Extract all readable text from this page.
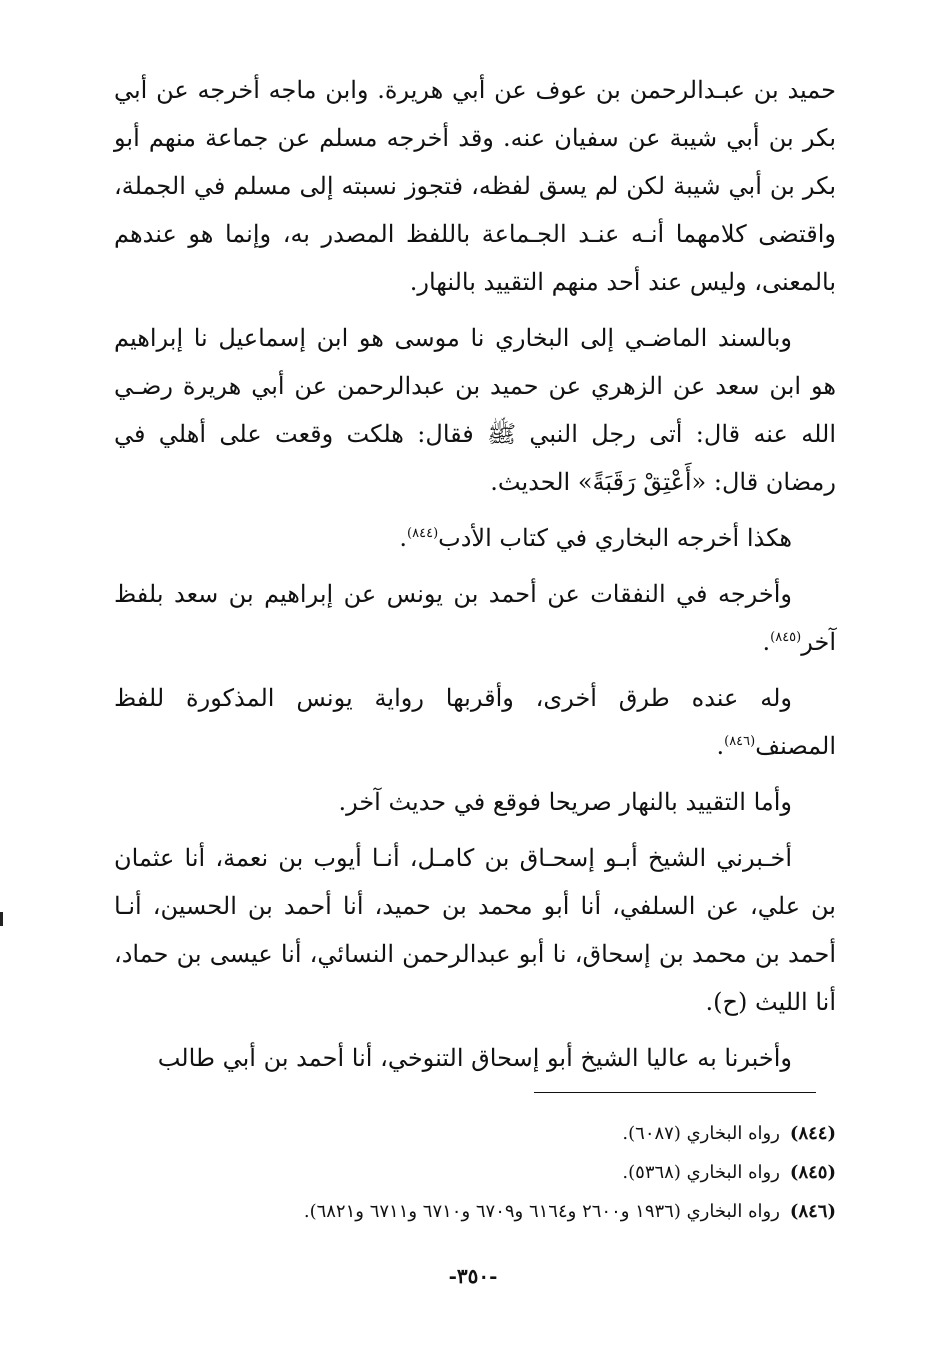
حميد بن عبـدالرحمن بن عوف عن أبي هريرة. وابن ماجه أخرجه عن أبي بكر بن أبي شيبة عن سفيان عنه. وقد أخرجه مسلم عن جماعة منهم أبو بكر بن أبي شيبة لكن لم يسق لفظه، فتجوز نسبته إلى مسلم في الجملة، واقتضى كلامهما أنـه عنـد الجـماعة باللفظ المصدر به، وإنما هو عندهم بالمعنى، وليس عند أحد منهم التقييد بالنهار.

وبالسند الماضـي إلى البخاري نا موسى هو ابن إسماعيل نا إبراهيم هو ابن سعد عن الزهري عن حميد بن عبدالرحمن عن أبي هريرة رضـي الله عنه قال: أتى رجل النبي ﷺ فقال: هلكت وقعت على أهلي في رمضان قال: «أَعْتِقْ رَقَبَةً» الحديث.

هكذا أخرجه البخاري في كتاب الأدب$^{(٨٤٤)}$.

وأخرجه في النفقات عن أحمد بن يونس عن إبراهيم بن سعد بلفظ آخر$^{(٨٤٥)}$.

وله عنده طرق أخرى، وأقربها رواية يونس المذكورة للفظ المصنف$^{(٨٤٦)}$.

وأما التقييد بالنهار صريحا فوقع في حديث آخر.

أخـبرني الشيخ أبـو إسحـاق بن كامـل، أنـا أيوب بن نعمة، أنا عثمان بن علي، عن السلفي، أنا أبو محمد بن حميد، أنا أحمد بن الحسين، أنـا أحمد بن محمد بن إسحاق، نا أبو عبدالرحمن النسائي، أنا عيسى بن حماد، أنا الليث (ح).

وأخبرنا به عاليا الشيخ أبو إسحاق التنوخي، أنا أحمد بن أبي طالب

(٨٤٤)رواه البخاري (٦٠٨٧).

(٨٤٥)رواه البخاري (٥٣٦٨).

(٨٤٦)رواه البخاري (١٩٣٦ و٢٦٠٠ و٦١٦٤ و٦٧٠٩ و٦٧١٠ و٦٧١١ و٦٨٢١).

-٣٥٠-
